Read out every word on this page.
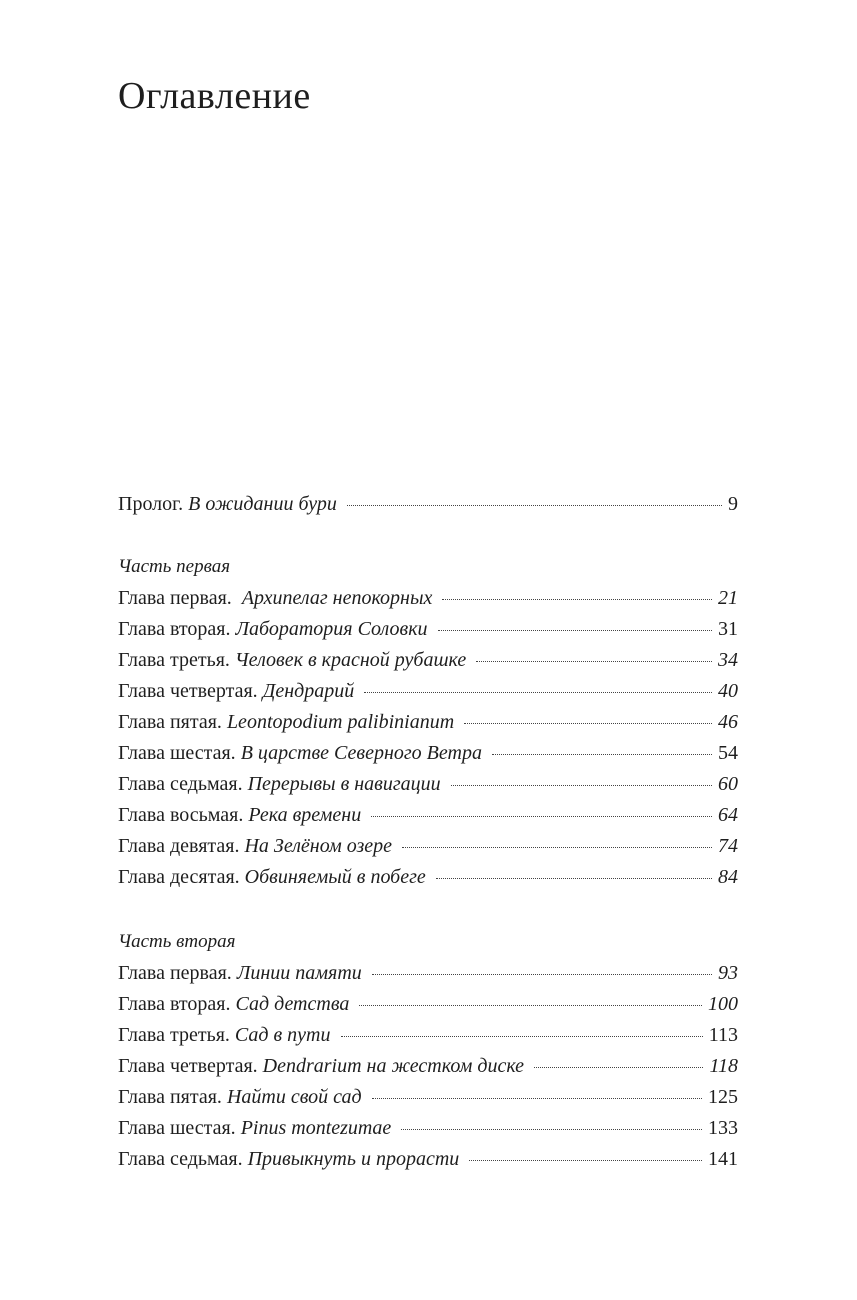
Оглавление
Пролог. В ожидании бури	9
Часть первая
Глава первая. Архипелаг непокорных	21
Глава вторая. Лаборатория Соловки	31
Глава третья. Человек в красной рубашке	34
Глава четвертая. Дендрарий	40
Глава пятая. Leontopodium palibinianum	46
Глава шестая. В царстве Северного Ветра	54
Глава седьмая. Перерывы в навигации	60
Глава восьмая. Река времени	64
Глава девятая. На Зелёном озере	74
Глава десятая. Обвиняемый в побеге	84
Часть вторая
Глава первая. Линии памяти	93
Глава вторая. Сад детства	100
Глава третья. Сад в пути	113
Глава четвертая. Dendrarium на жестком диске	118
Глава пятая. Найти свой сад	125
Глава шестая. Pinus montezumae	133
Глава седьмая. Привыкнуть и прорасти	141
